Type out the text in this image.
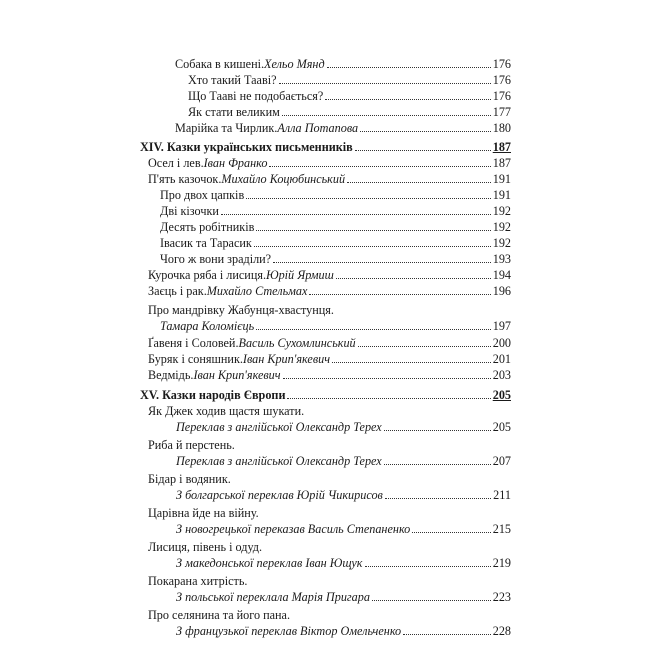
Собака в кишені. Хельо Мянд	176
Хто такий Тааві?	176
Що Тааві не подобається?	176
Як стати великим	177
Марійка та Чирлик. Алла Потапова	180
XIV. Казки українських письменників	187
Осел і лев. Іван Франко	187
П'ять казочок. Михайло Коцюбинський	191
Про двох цапків	191
Дві кізочки	192
Десять робітників	192
Івасик та Тарасик	192
Чого ж вони зраділи?	193
Курочка ряба і лисиця. Юрій Ярмиш	194
Заєць і рак. Михайло Стельмах	196
Про мандрівку Жабунця-хвастунця.
Тамара Коломієць	197
Ґавеня і Соловей. Василь Сухомлинський	200
Буряк і соняшник. Іван Крип'якевич	201
Ведмідь. Іван Крип'якевич	203
XV. Казки народів Європи	205
Як Джек ходив щастя шукати.
Переклав з англійської Олександр Терех	205
Риба й перстень.
Переклав з англійської Олександр Терех	207
Бідар і водяник.
З болгарської переклав Юрій Чикирисов	211
Царівна йде на війну.
З новогрецької переказав Василь Степаненко	215
Лисиця, півень і одуд.
З македонської переклав Іван Ющук	219
Покарана хитрість.
З польської переклала Марія Пригара	223
Про селянина та його пана.
З французької переклав Віктор Омельченко	228
